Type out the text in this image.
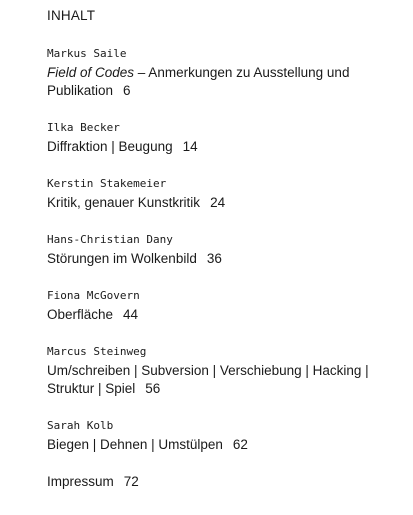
INHALT
Markus Saile
Field of Codes – Anmerkungen zu Ausstellung und
Publikation 6
Ilka Becker
Diffraktion | Beugung 14
Kerstin Stakemeier
Kritik, genauer Kunstkritik 24
Hans-Christian Dany
Störungen im Wolkenbild 36
Fiona McGovern
Oberfläche 44
Marcus Steinweg
Um/schreiben | Subversion | Verschiebung | Hacking |
Struktur | Spiel 56
Sarah Kolb
Biegen | Dehnen | Umstülpen 62
Impressum 72
